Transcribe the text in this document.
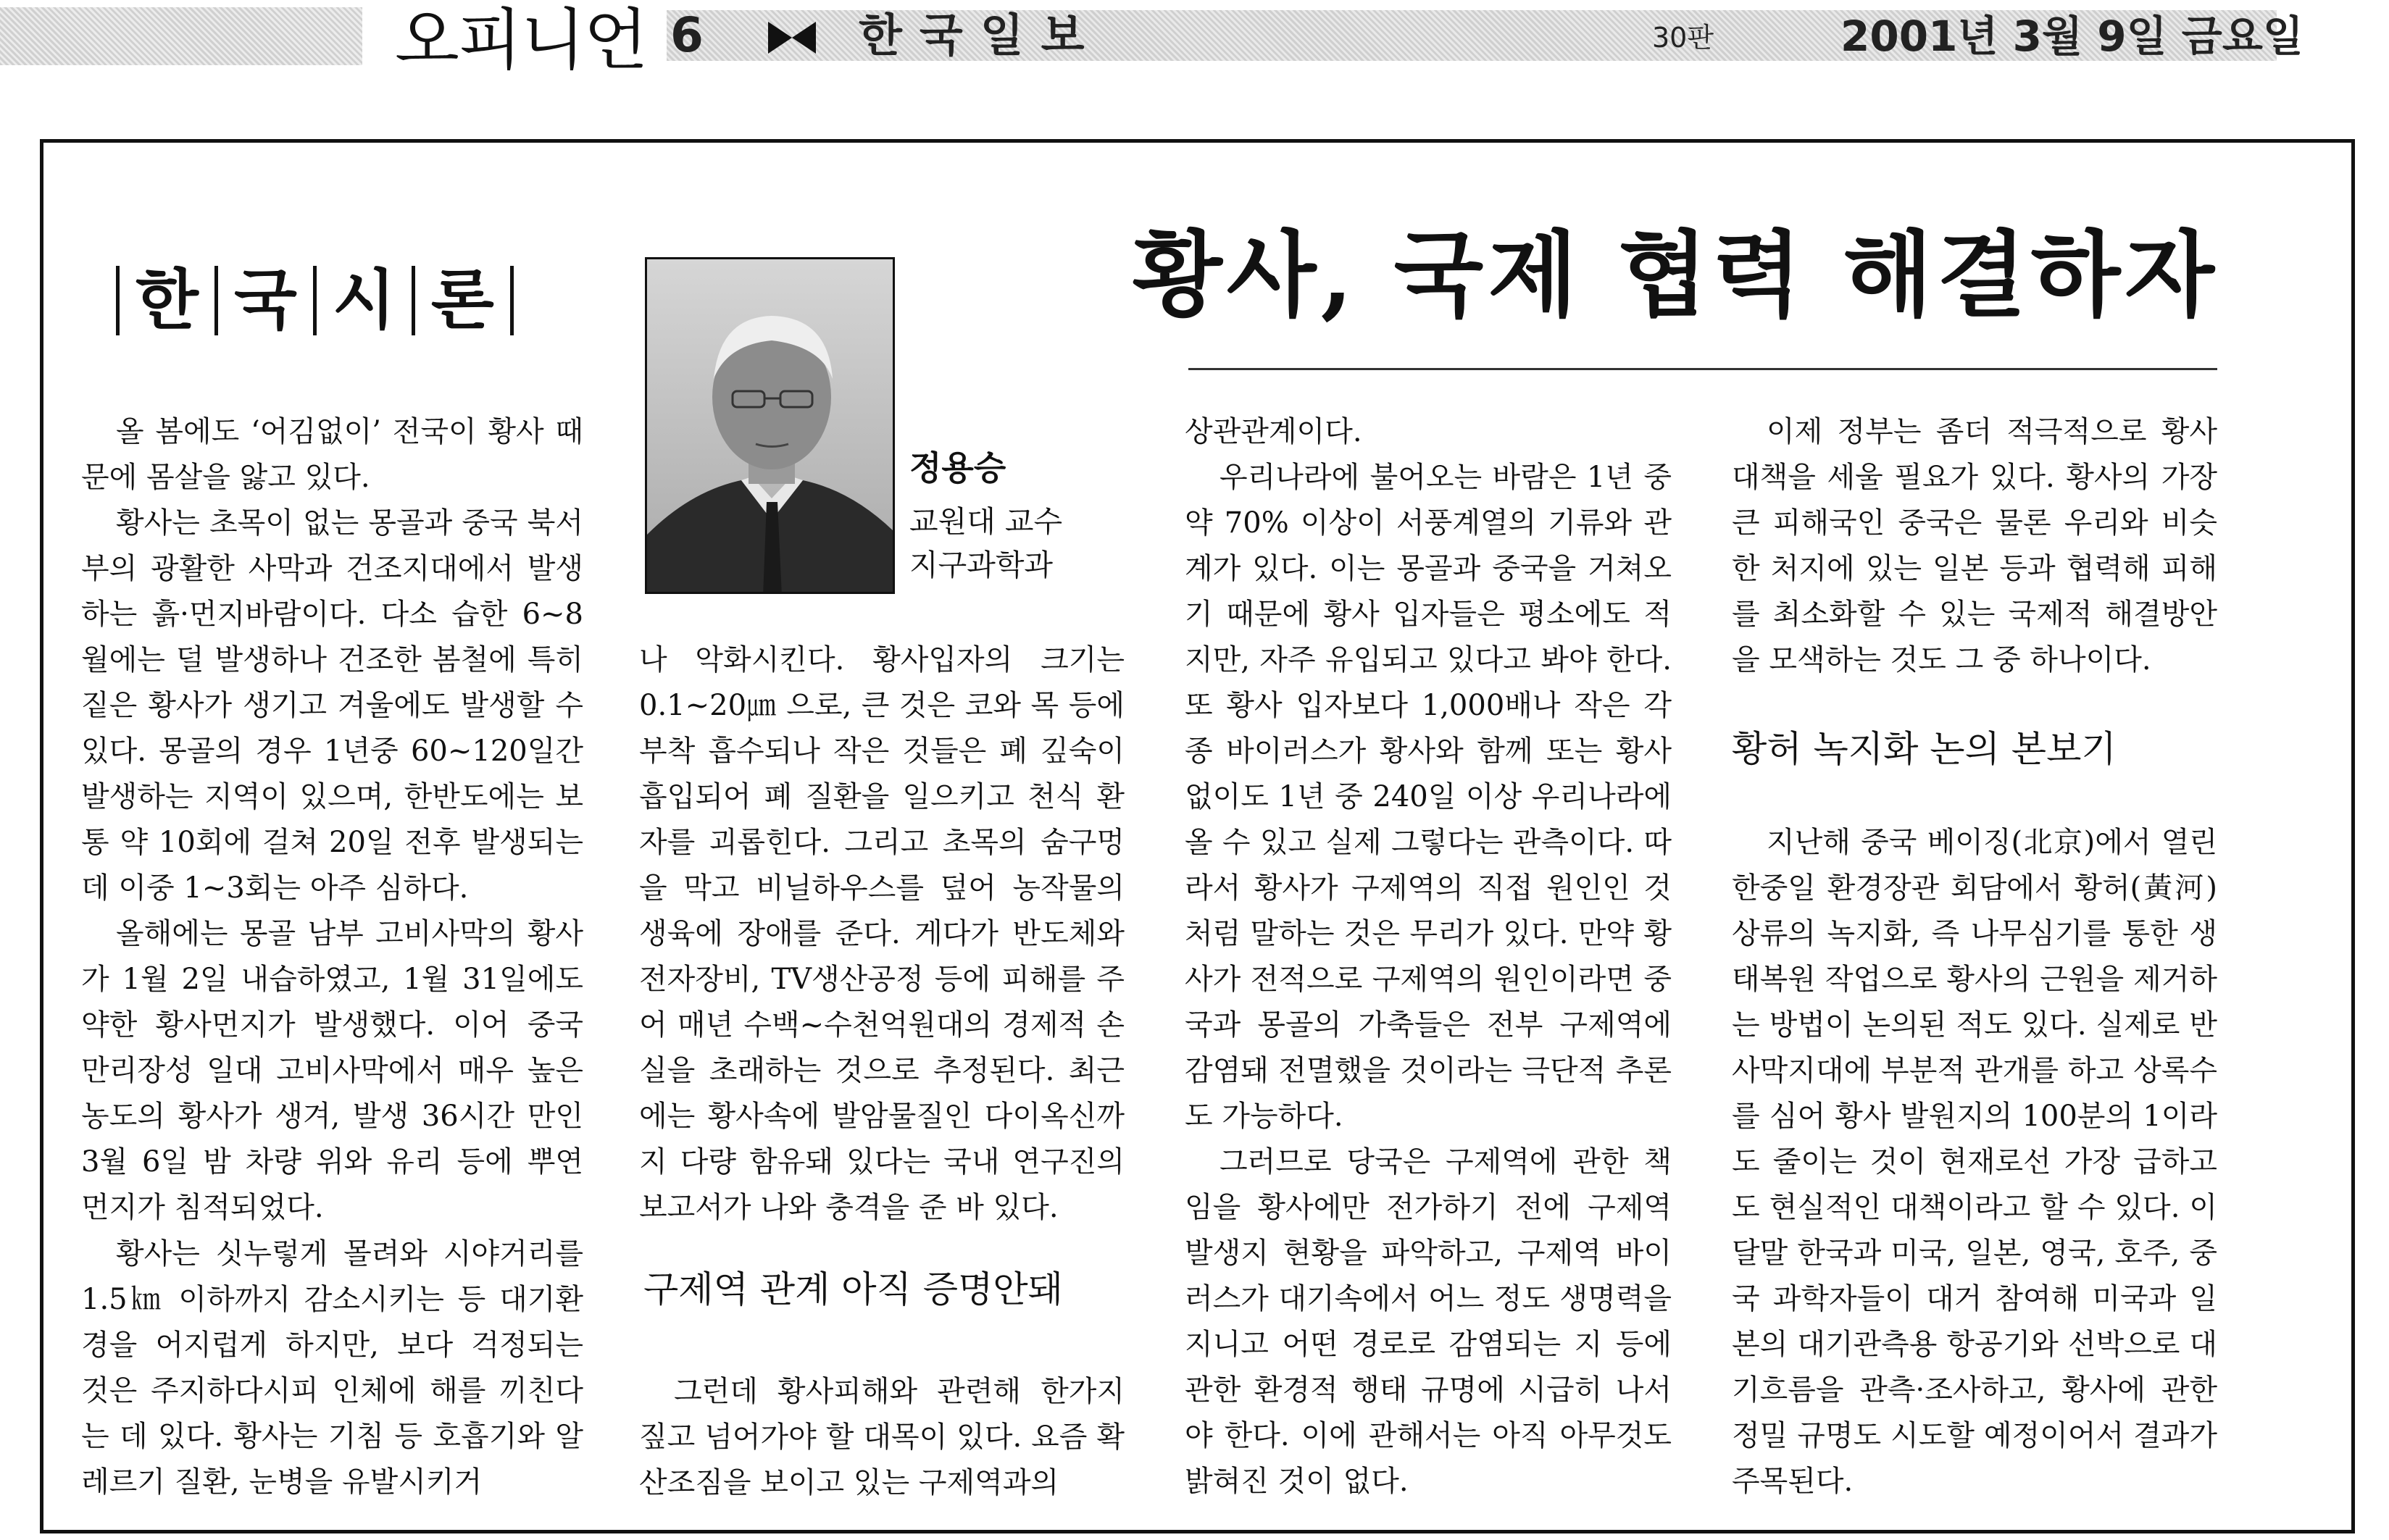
오피니언 6	한국일보	30판	2001년 3월 9일 금요일
한 국 시 론
정용승
교원대 교수
지구과학과
황사, 국제 협력 해결하자

올 봄에도 ‘어김없이’ 전국이 황사 때문에 몸살을 앓고 있다.

황사는 초목이 없는 몽골과 중국 북서부의 광활한 사막과 건조지대에서 발생하는 흙·먼지바람이다. 다소 습한 6~8월에는 덜 발생하나 건조한 봄철에 특히 짙은 황사가 생기고 겨울에도 발생할 수 있다. 몽골의 경우 1년중 60~120일간 발생하는 지역이 있으며, 한반도에는 보통 약 10회에 걸쳐 20일 전후 발생되는데 이중 1~3회는 아주 심하다.

올해에는 몽골 남부 고비사막의 황사가 1월 2일 내습하였고, 1월 31일에도 약한 황사먼지가 발생했다. 이어 중국 만리장성 일대 고비사막에서 매우 높은 농도의 황사가 생겨, 발생 36시간 만인 3월 6일 밤 차량 위와 유리 등에 뿌연 먼지가 침적되었다.

황사는 싯누렇게 몰려와 시야거리를 1.5㎞ 이하까지 감소시키는 등 대기환경을 어지럽게 하지만, 보다 걱정되는 것은 주지하다시피 인체에 해를 끼친다는 데 있다. 황사는 기침 등 호흡기와 알레르기 질환, 눈병을 유발시키거

나 악화시킨다. 황사입자의 크기는 0.1~20㎛ 으로, 큰 것은 코와 목 등에 부착 흡수되나 작은 것들은 폐 깊숙이 흡입되어 폐 질환을 일으키고 천식 환자를 괴롭힌다. 그리고 초목의 숨구멍을 막고 비닐하우스를 덮어 농작물의 생육에 장애를 준다. 게다가 반도체와 전자장비, TV생산공정 등에 피해를 주어 매년 수백~수천억원대의 경제적 손실을 초래하는 것으로 추정된다. 최근에는 황사속에 발암물질인 다이옥신까지 다량 함유돼 있다는 국내 연구진의 보고서가 나와 충격을 준 바 있다.

구제역 관계 아직 증명안돼

그런데 황사피해와 관련해 한가지 짚고 넘어가야 할 대목이 있다. 요즘 확산조짐을 보이고 있는 구제역과의

상관관계이다.

우리나라에 불어오는 바람은 1년 중 약 70% 이상이 서풍계열의 기류와 관계가 있다. 이는 몽골과 중국을 거쳐오기 때문에 황사 입자들은 평소에도 적지만, 자주 유입되고 있다고 봐야 한다. 또 황사 입자보다 1,000배나 작은 각종 바이러스가 황사와 함께 또는 황사 없이도 1년 중 240일 이상 우리나라에 올 수 있고 실제 그렇다는 관측이다. 따라서 황사가 구제역의 직접 원인인 것처럼 말하는 것은 무리가 있다. 만약 황사가 전적으로 구제역의 원인이라면 중국과 몽골의 가축들은 전부 구제역에 감염돼 전멸했을 것이라는 극단적 추론도 가능하다.

그러므로 당국은 구제역에 관한 책임을 황사에만 전가하기 전에 구제역 발생지 현황을 파악하고, 구제역 바이러스가 대기속에서 어느 정도 생명력을 지니고 어떤 경로로 감염되는 지 등에 관한 환경적 행태 규명에 시급히 나서야 한다. 이에 관해서는 아직 아무것도 밝혀진 것이 없다.

이제 정부는 좀더 적극적으로 황사대책을 세울 필요가 있다. 황사의 가장 큰 피해국인 중국은 물론 우리와 비슷한 처지에 있는 일본 등과 협력해 피해를 최소화할 수 있는 국제적 해결방안을 모색하는 것도 그 중 하나이다.

황허 녹지화 논의 본보기

지난해 중국 베이징(北京)에서 열린 한중일 환경장관 회담에서 황허(黃河) 상류의 녹지화, 즉 나무심기를 통한 생태복원 작업으로 황사의 근원을 제거하는 방법이 논의된 적도 있다. 실제로 반사막지대에 부분적 관개를 하고 상록수를 심어 황사 발원지의 100분의 1이라도 줄이는 것이 현재로선 가장 급하고도 현실적인 대책이라고 할 수 있다. 이달말 한국과 미국, 일본, 영국, 호주, 중국 과학자들이 대거 참여해 미국과 일본의 대기관측용 항공기와 선박으로 대기흐름을 관측·조사하고, 황사에 관한 정밀 규명도 시도할 예정이어서 결과가 주목된다.
